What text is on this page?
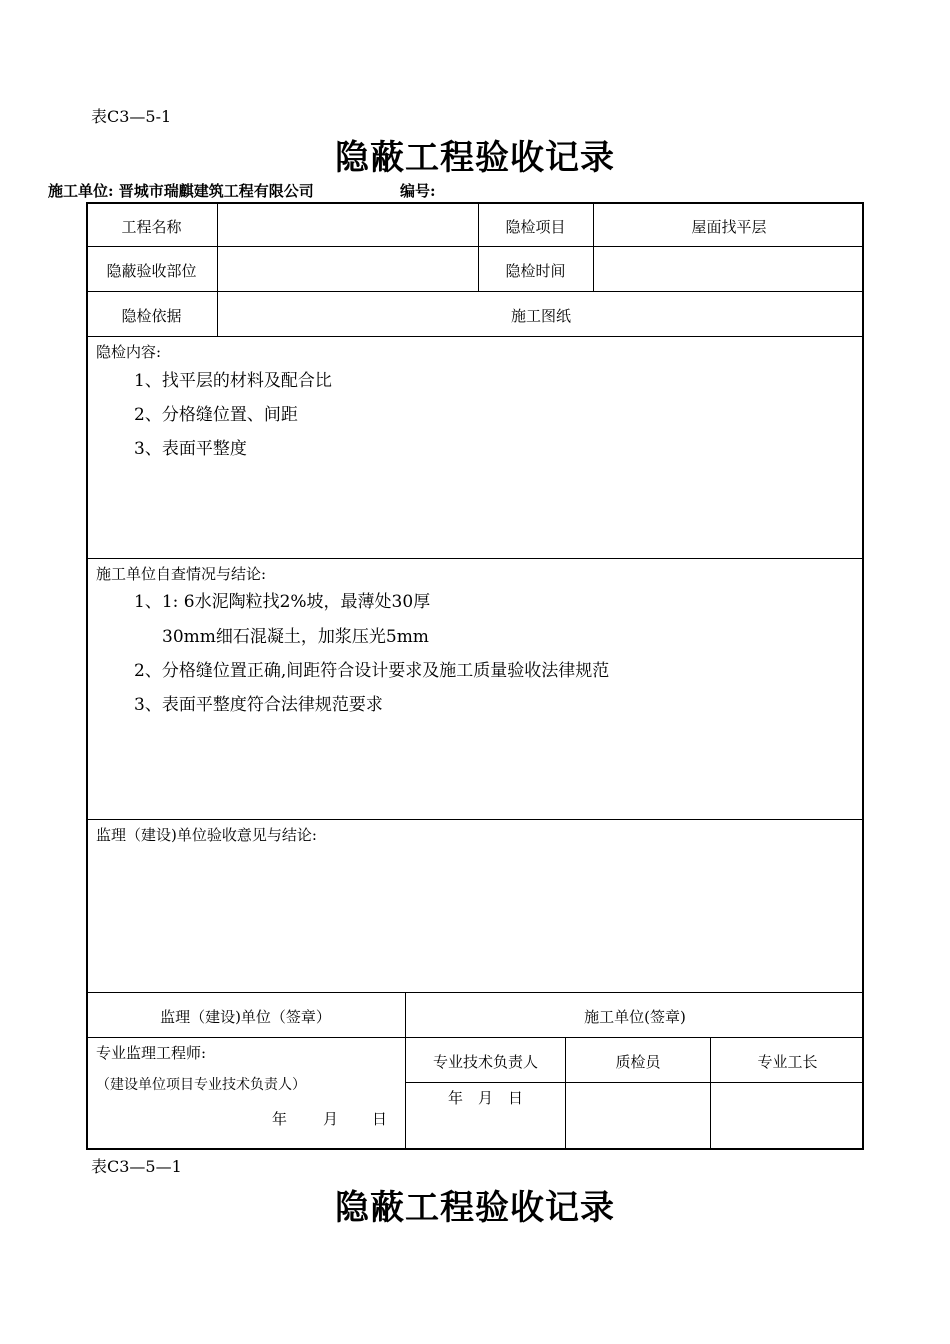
表C3—5-1
隐蔽工程验收记录
施工单位: 晋城市瑞麒建筑工程有限公司	编号:
工程名称	隐检项目	屋面找平层
隐蔽验收部位	隐检时间
隐检依据	施工图纸
隐检内容:
1、找平层的材料及配合比
2、分格缝位置、间距
3、表面平整度
施工单位自查情况与结论:
1、1: 6水泥陶粒找2%坡，最薄处30厚
30mm细石混凝土，加浆压光5mm
2、分格缝位置正确,间距符合设计要求及施工质量验收法律规范
3、表面平整度符合法律规范要求
监理（建设)单位验收意见与结论:
监理（建设)单位（签章）	施工单位(签章)
专业监理工程师:
（建设单位项目专业技术负责人）
年 月 日
专业技术负责人	质检员	专业工长
年　月　日
表C3—5—1
隐蔽工程验收记录
